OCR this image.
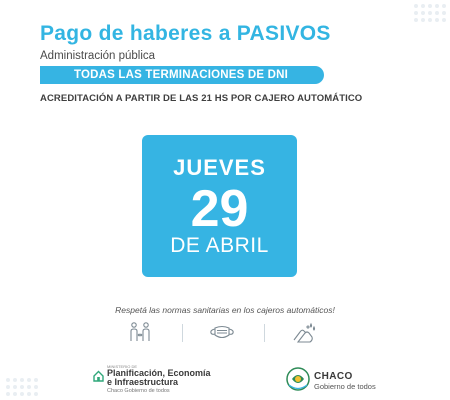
Pago de haberes a PASIVOS
Administración pública
TODAS LAS TERMINACIONES DE DNI
ACREDITACIÓN A PARTIR DE LAS 21 HS POR CAJERO AUTOMÁTICO
JUEVES
29
DE ABRIL
Respetá las normas sanitarias en los cajeros automáticos!
MINISTERIO DE
Planificación, Economía
e Infraestructura
Chaco Gobierno de todos
CHACO
Gobierno de todos
